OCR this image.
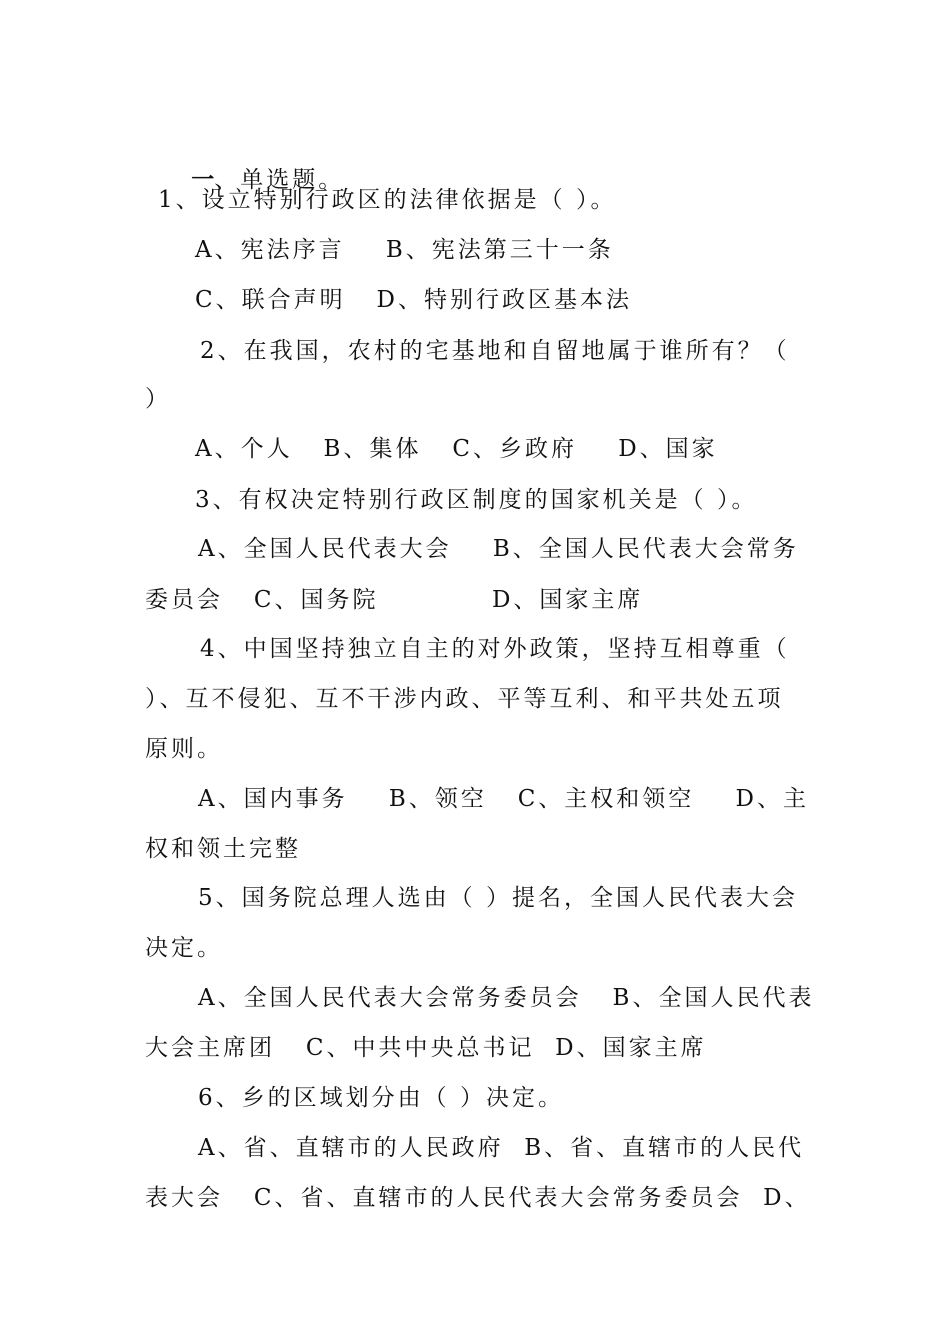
一、单选题。

1、设立特别行政区的法律依据是（ ）。
A、宪法序言    B、宪法第三十一条
C、联合声明   D、特别行政区基本法
2、在我国，农村的宅基地和自留地属于谁所有？（
）
A、个人   B、集体   C、乡政府    D、国家
3、有权决定特别行政区制度的国家机关是（ ）。
A、全国人民代表大会    B、全国人民代表大会常务
委员会   C、国务院           D、国家主席
4、中国坚持独立自主的对外政策，坚持互相尊重（
）、互不侵犯、互不干涉内政、平等互利、和平共处五项
原则。
A、国内事务    B、领空   C、主权和领空    D、主
权和领土完整
5、国务院总理人选由（ ）提名，全国人民代表大会
决定。
A、全国人民代表大会常务委员会   B、全国人民代表
大会主席团   C、中共中央总书记  D、国家主席
6、乡的区域划分由（ ）决定。
A、省、直辖市的人民政府  B、省、直辖市的人民代
表大会   C、省、直辖市的人民代表大会常务委员会  D、
